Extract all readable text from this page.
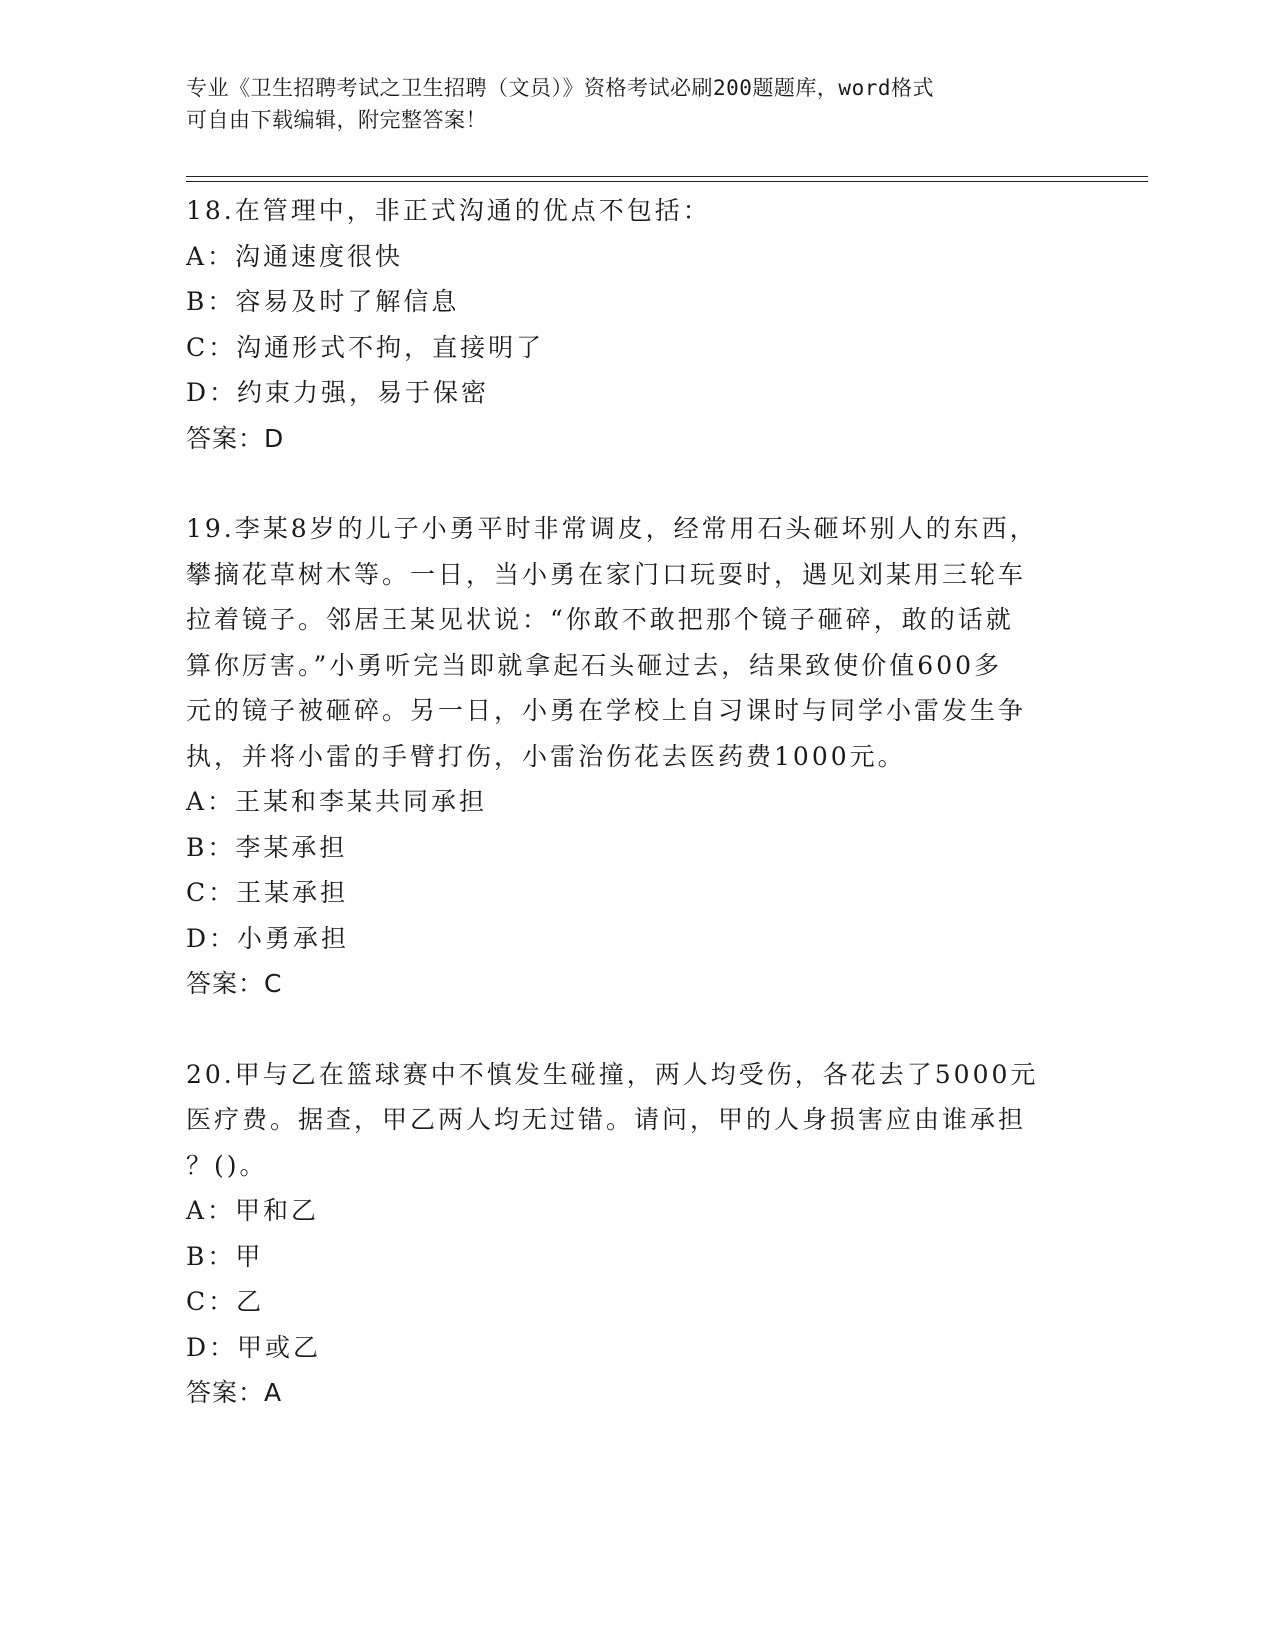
专业《卫生招聘考试之卫生招聘（文员）》资格考试必刷200题题库，word格式
可自由下载编辑，附完整答案！
18.在管理中，非正式沟通的优点不包括：
A：沟通速度很快
B：容易及时了解信息
C：沟通形式不拘，直接明了
D：约束力强，易于保密
答案：D
19.李某8岁的儿子小勇平时非常调皮，经常用石头砸坏别人的东西，
攀摘花草树木等。一日，当小勇在家门口玩耍时，遇见刘某用三轮车
拉着镜子。邻居王某见状说：“你敢不敢把那个镜子砸碎，敢的话就
算你厉害。”小勇听完当即就拿起石头砸过去，结果致使价值600多
元的镜子被砸碎。另一日，小勇在学校上自习课时与同学小雷发生争
执，并将小雷的手臂打伤，小雷治伤花去医药费1000元。
A：王某和李某共同承担
B：李某承担
C：王某承担
D：小勇承担
答案：C
20.甲与乙在篮球赛中不慎发生碰撞，两人均受伤，各花去了5000元
医疗费。据查，甲乙两人均无过错。请问，甲的人身损害应由谁承担
？()。
A：甲和乙
B：甲
C：乙
D：甲或乙
答案：A
